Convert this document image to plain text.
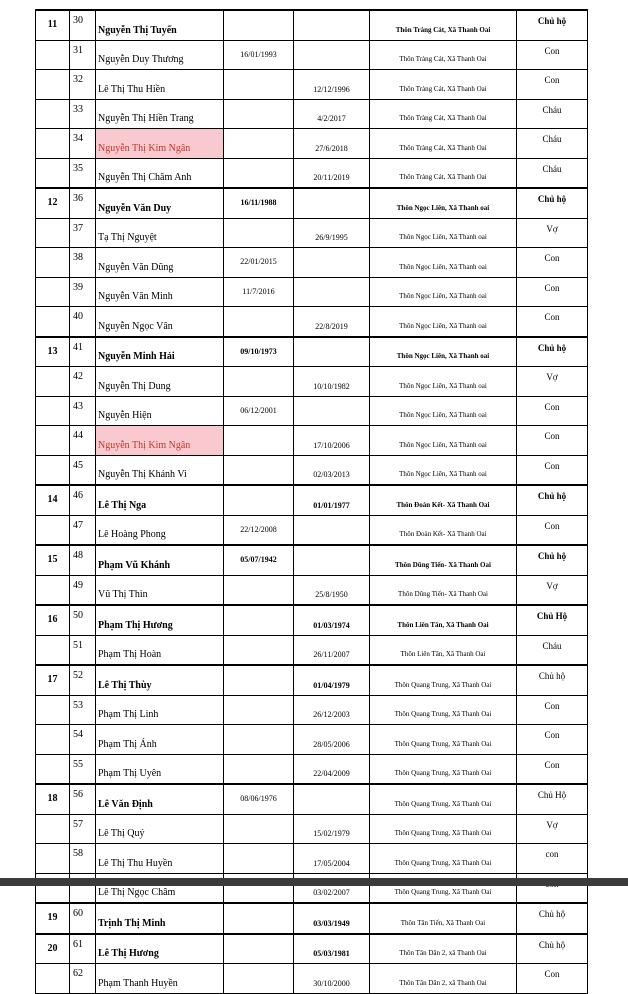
11	30	Nguyễn Thị Tuyến			Thôn Tràng Cát, Xã Thanh Oai	Chủ hộ
	31	Nguyễn Duy Thương	16/01/1993		Thôn Tràng Cát, Xã Thanh Oai	Con
	32	Lê Thị Thu Hiền		12/12/1996	Thôn Tràng Cát, Xã Thanh Oai	Con
	33	Nguyễn Thị Hiền Trang		4/2/2017	Thôn Tràng Cát, Xã Thanh Oai	Cháu
	34	Nguyễn Thị Kim Ngân		27/6/2018	Thôn Tràng Cát, Xã Thanh Oai	Cháu
	35	Nguyễn Thị Châm Anh		20/11/2019	Thôn Tràng Cát, Xã Thanh Oai	Cháu
12	36	Nguyễn Văn Duy	16/11/1988		Thôn Ngọc Liên, Xã Thanh oai	Chủ hộ
	37	Tạ Thị Nguyệt		26/9/1995	Thôn Ngọc Liên, Xã Thanh oai	Vợ
	38	Nguyễn Văn Dũng	22/01/2015		Thôn Ngọc Liên, Xã Thanh oai	Con
	39	Nguyễn Văn Minh	11/7/2016		Thôn Ngọc Liên, Xã Thanh oai	Con
	40	Nguyễn Ngọc Vân		22/8/2019	Thôn Ngọc Liên, Xã Thanh oai	Con
13	41	Nguyễn Minh Hải	09/10/1973		Thôn Ngọc Liên, Xã Thanh oai	Chủ hộ
	42	Nguyễn Thị Dung		10/10/1982	Thôn Ngọc Liên, Xã Thanh oai	Vợ
	43	Nguyễn Hiện	06/12/2001		Thôn Ngọc Liên, Xã Thanh oai	Con
	44	Nguyễn Thị Kim Ngân		17/10/2006	Thôn Ngọc Liên, Xã Thanh oai	Con
	45	Nguyễn Thị Khánh Vi		02/03/2013	Thôn Ngọc Liên, Xã Thanh oai	Con
14	46	Lê Thị Nga		01/01/1977	Thôn Đoàn Kết- Xã Thanh Oai	Chủ hộ
	47	Lê Hoàng Phong	22/12/2008		Thôn Đoàn Kết- Xã Thanh Oai	Con
15	48	Phạm Vũ Khánh	05/07/1942		Thôn Dũng Tiến- Xã Thanh Oai	Chủ hộ
	49	Vũ Thị Thìn		25/8/1950	Thôn Dũng Tiến- Xã Thanh Oai	Vợ
16	50	Phạm Thị Hương		01/03/1974	Thôn Liên Tân, Xã Thanh Oai	Chủ Hộ
	51	Phạm Thị Hoàn		26/11/2007	Thôn Liên Tân, Xã Thanh Oai	Cháu
17	52	Lê Thị Thùy		01/04/1979	Thôn Quang Trung, Xã Thanh Oai	Chủ hộ
	53	Phạm Thị Linh		26/12/2003	Thôn Quang Trung, Xã Thanh Oai	Con
	54	Phạm Thị Ánh		28/05/2006	Thôn Quang Trung, Xã Thanh Oai	Con
	55	Phạm Thị Uyên		22/04/2009	Thôn Quang Trung, Xã Thanh Oai	Con
18	56	Lê Văn Định	08/06/1976		Thôn Quang Trung, Xã Thanh Oai	Chủ Hộ
	57	Lê Thị Quý		15/02/1979	Thôn Quang Trung, Xã Thanh Oai	Vợ
	58	Lê Thị Thu Huyền		17/05/2004	Thôn Quang Trung, Xã Thanh Oai	con
		Lê Thị Ngọc Châm		03/02/2007	Thôn Quang Trung, Xã Thanh Oai	
19	60	Trịnh Thị Minh		03/03/1949	Thôn Tân Tiến, Xã Thanh Oai	Chủ hộ
20	61	Lê Thị Hương		05/03/1981	Thôn Tân Dân 2, xã Thanh Oai	Chủ hộ
	62	Phạm Thanh Huyền		30/10/2000	Thôn Tân Dân 2, xã Thanh Oai	Con
